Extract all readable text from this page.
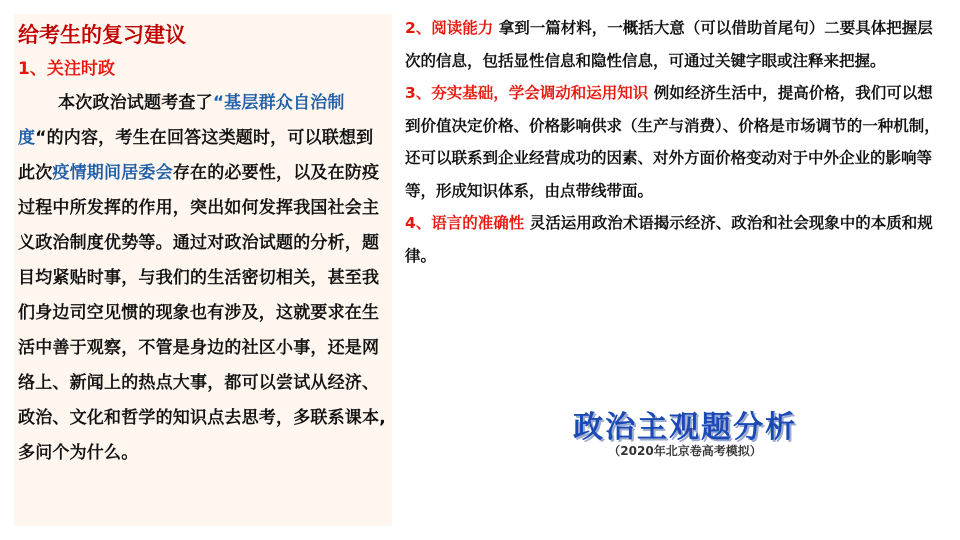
给考生的复习建议
1、关注时政
本次政治试题考查了“基层群众自治制度“的内容，考生在回答这类题时，可以联想到此次疫情期间居委会存在的必要性，以及在防疫过程中所发挥的作用，突出如何发挥我国社会主义政治制度优势等。通过对政治试题的分析，题目均紧贴时事，与我们的生活密切相关，甚至我们身边司空见惯的现象也有涉及，这就要求在生活中善于观察，不管是身边的社区小事，还是网络上、新闻上的热点大事，都可以尝试从经济、政治、文化和哲学的知识点去思考，多联系课本,多问个为什么。

2、阅读能力 拿到一篇材料，一概括大意（可以借助首尾句）二要具体把握层次的信息，包括显性信息和隐性信息，可通过关键字眼或注释来把握。

3、夯实基础，学会调动和运用知识 例如经济生活中，提高价格，我们可以想到价值决定价格、价格影响供求（生产与消费）、价格是市场调节的一种机制，还可以联系到企业经营成功的因素、对外方面价格变动对于中外企业的影响等等，形成知识体系，由点带线带面。

4、语言的准确性 灵活运用政治术语揭示经济、政治和社会现象中的本质和规律。

政治主观题分析
（2020年北京卷高考模拟）
